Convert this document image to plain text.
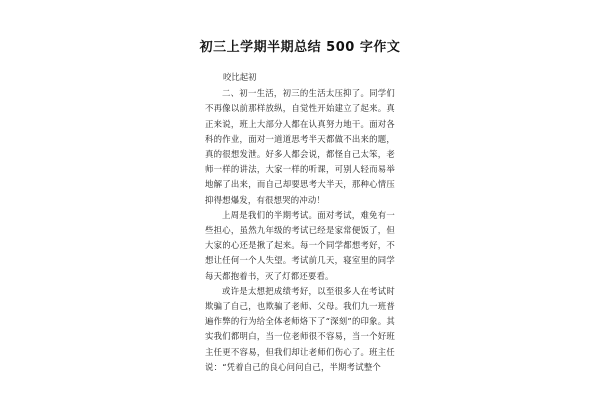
初三上学期半期总结 500 字作文

咬比起初

二、初一生活，初三的生活太压抑了。同学们不再像以前那样放纵，自觉性开始建立了起来。真正来说，班上大部分人都在认真努力地干。面对各科的作业，面对一道道思考半天都做不出来的题，真的很想发泄。好多人都会说，都怪自己太笨，老师一样的讲法，大家一样的听课，可别人轻而易举地解了出来，而自己却要思考大半天，那种心情压抑得想爆发，有很想哭的冲动！

上周是我们的半期考试。面对考试，难免有一些担心，虽然九年级的考试已经是家常便饭了，但大家的心还是揪了起来。每一个同学都想考好，不想让任何一个人失望。考试前几天，寝室里的同学每天都抱着书，灭了灯都还要看。

或许是太想把成绩考好，以至很多人在考试时欺骗了自己，也欺骗了老师、父母。我们九一班普遍作弊的行为给全体老师烙下了“深刻”的印象。其实我们都明白，当一位老师很不容易，当一个好班主任更不容易，但我们却让老师们伤心了。班主任说：“凭着自己的良心问问自己，半期考试整个
